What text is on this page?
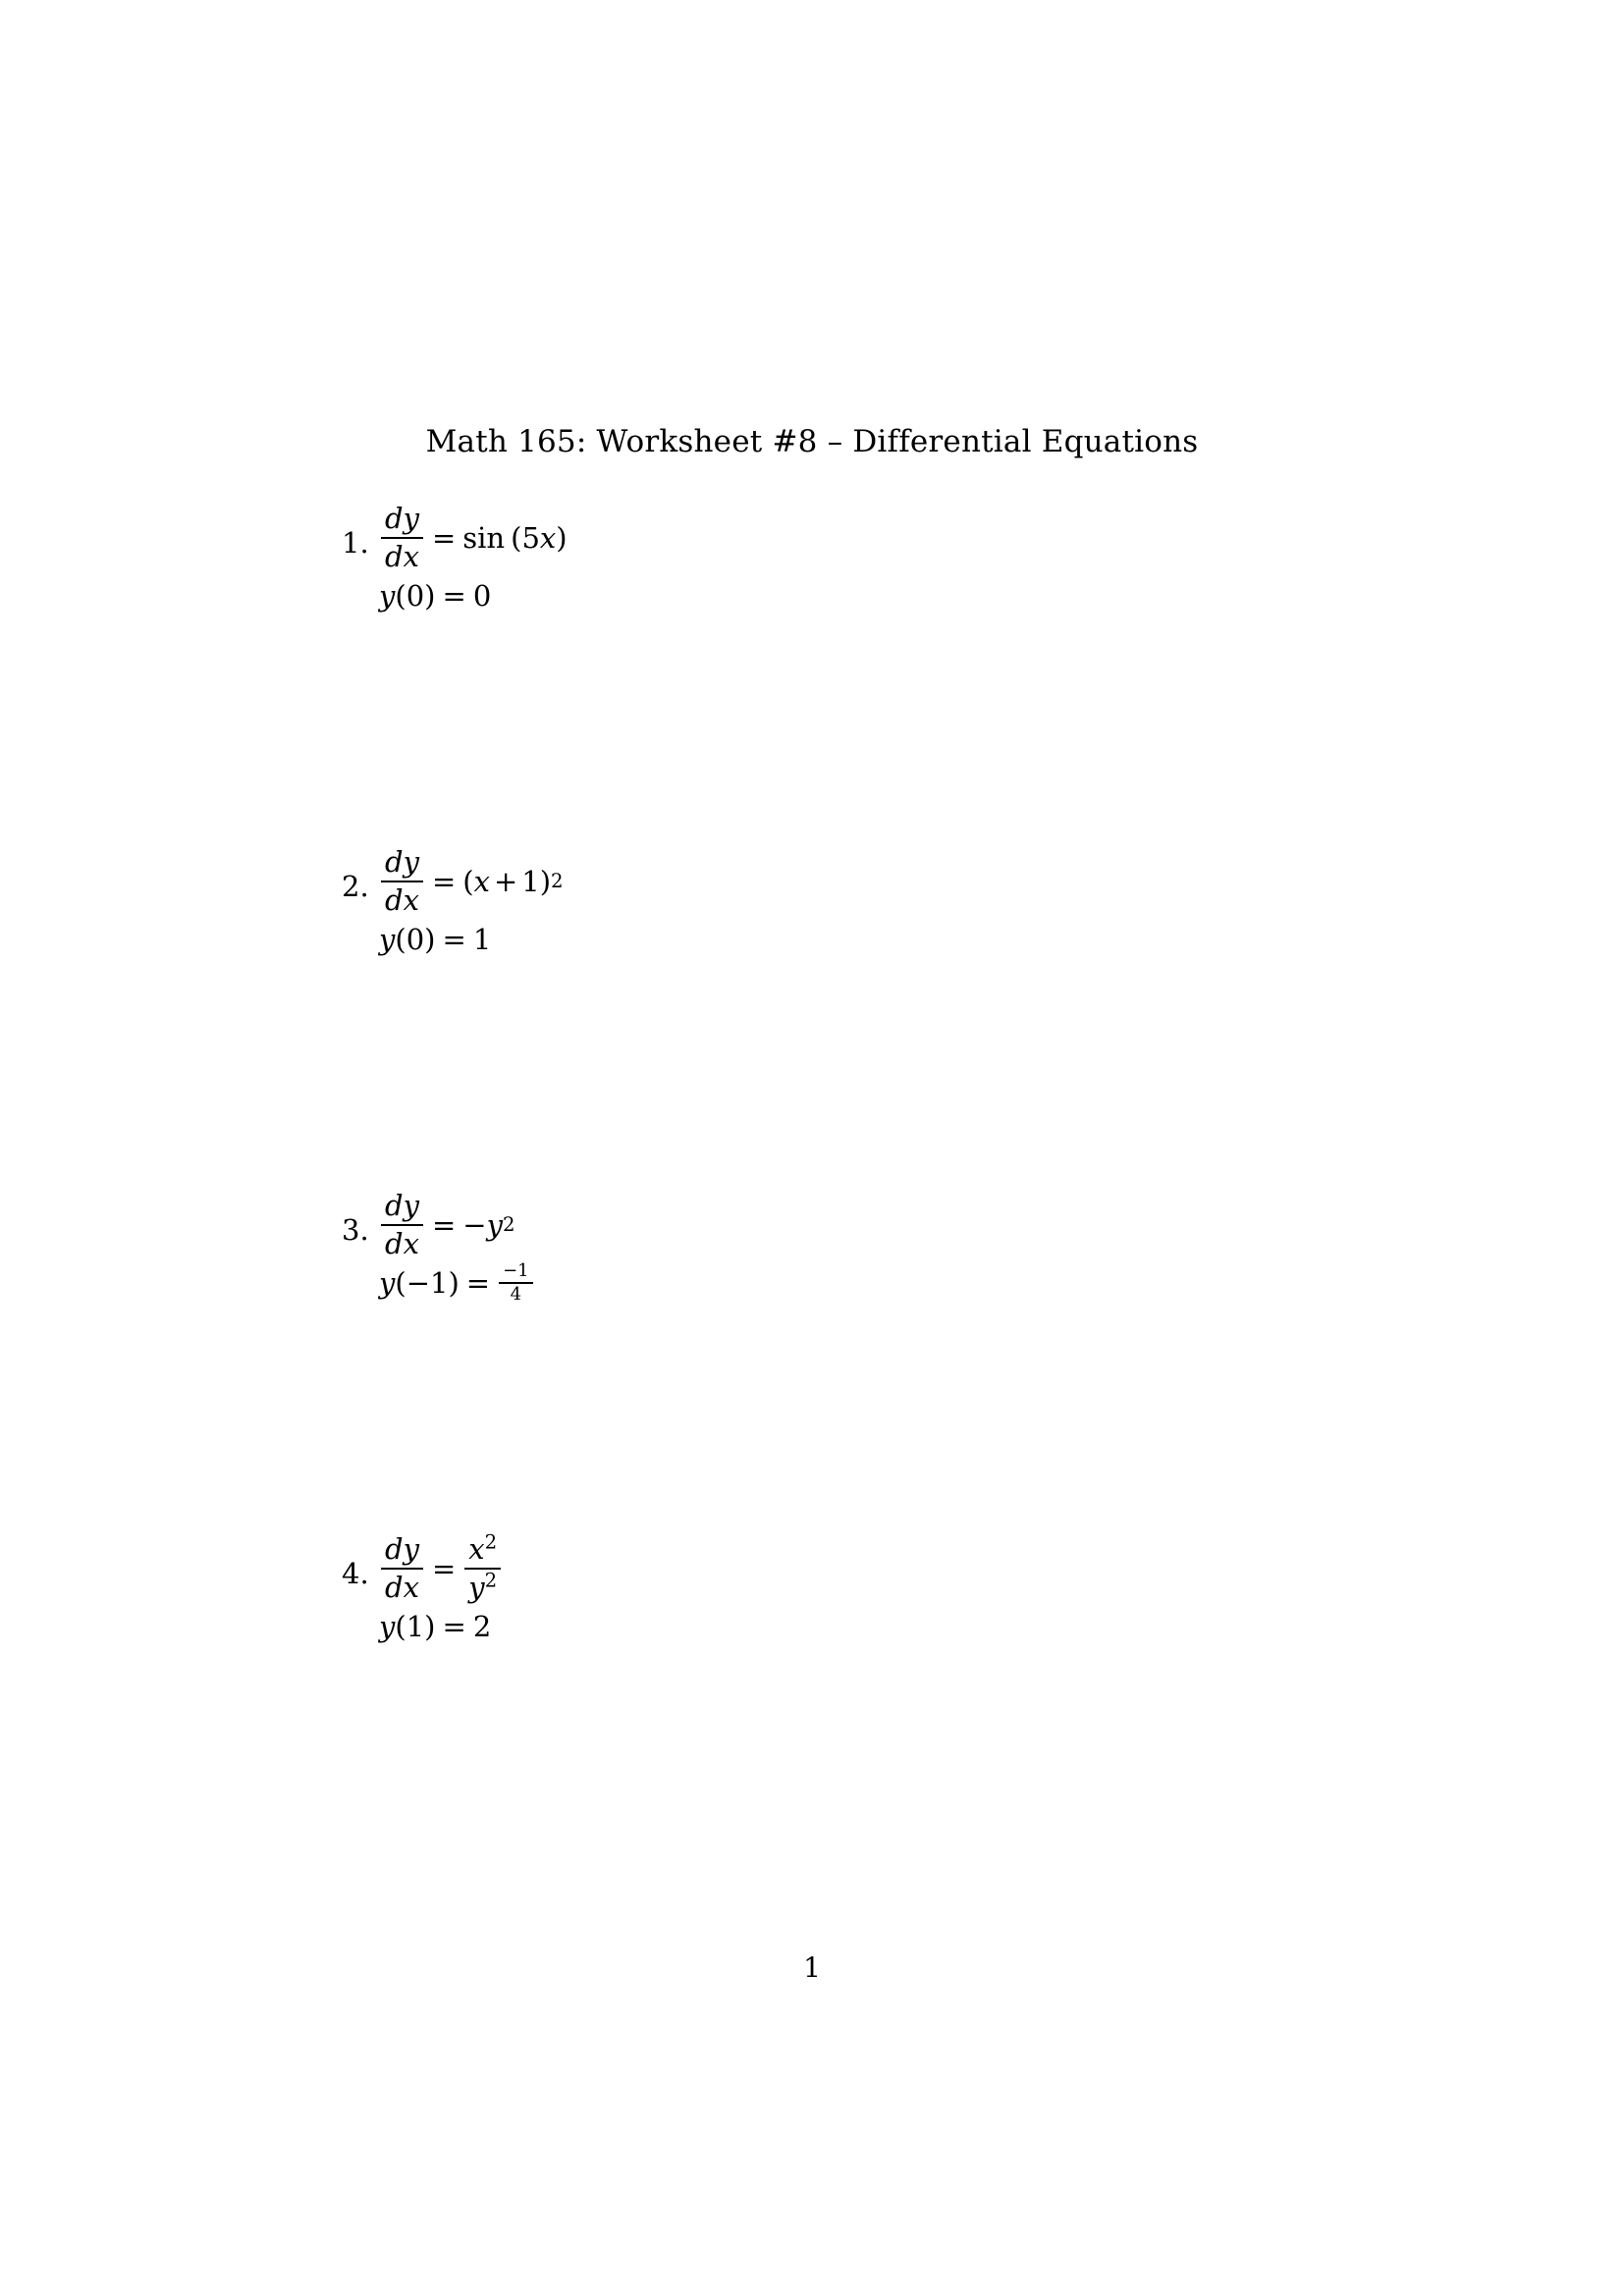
Math 165: Worksheet #8 – Differential Equations
1. $\frac{dy}{dx} = \sin$ ( 5 x )
y ( 0 ) = 0
2. $\frac{dy}{dx}$ = ( x + 1 ) 2
y ( 0 ) = 1
3. $\frac{dy}{dx}$ = − y 2
y ( −1 ) = $\frac{-1}{4}$
4. $\frac{dy}{dx} = \frac{x^2}{y^2}$
y ( 1 ) = 2
1
